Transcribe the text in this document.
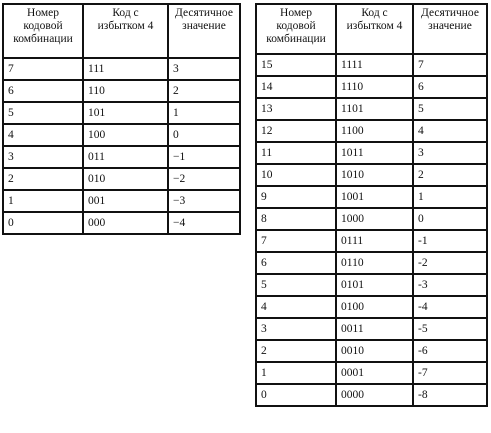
Номер кодовой комбинации	Код с избытком 4	Десятичное значение
7	111	3
6	110	2
5	101	1
4	100	0
3	011	−1
2	010	−2
1	001	−3
0	000	−4
Номер кодовой комбинации	Код с избытком 4	Десятичное значение
15	1111	7
14	1110	6
13	1101	5
12	1100	4
11	1011	3
10	1010	2
9	1001	1
8	1000	0
7	0111	-1
6	0110	-2
5	0101	-3
4	0100	-4
3	0011	-5
2	0010	-6
1	0001	-7
0	0000	-8
